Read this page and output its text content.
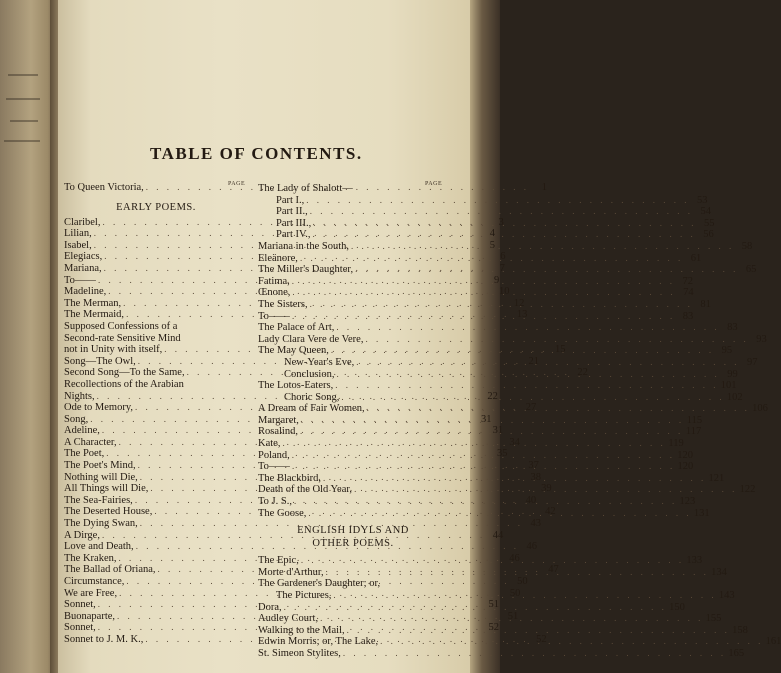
TABLE OF CONTENTS.
PAGE	PAGE
To Queen Victoria, . . .	1
EARLY POEMS.
Claribel, . . .	3
Lilian, . . .	4
Isabel, . . .	5
Elegiacs, . . .	6
Mariana, . . .	7
To—— . . .	9
Madeline, . . .	10
The Merman, . . .	12
The Mermaid, . . .	13
Supposed Confessions of a
Second-rate Sensitive Mind
not in Unity with itself, . . .	15
Song—The Owl, . . .	21
Second Song—To the Same, . . .	22
Recollections of the Arabian
Nights, . . .	22
Ode to Memory, . . .	27
Song, . . .	31
Adeline, . . .	31
A Character, . . .	34
The Poet, . . .	35
The Poet's Mind, . . .	37
Nothing will Die, . . .	38
All Things will Die, . . .	39
The Sea-Fairies, . . .	40
The Deserted House, . . .	42
The Dying Swan, . . .	43
A Dirge, . . .	44
Love and Death, . . .	46
The Kraken, . . .	46
The Ballad of Oriana, . . .	47
Circumstance, . . .	50
We are Free, . . .	50
Sonnet, . . .	51
Buonaparte, . . .	51
Sonnet, . . .	52
Sonnet to J. M. K., . . .	52
The Lady of Shalott—
Part I., . . .	53
Part II., . . .	54
Part III., . . .	55
Part IV., . . .	56
Mariana in the South, . . .	58
Eleänore, . . .	61
The Miller's Daughter, . . .	65
Fatima, . . .	72
Œnone, . . .	74
The Sisters, . . .	81
To—— . . .	83
The Palace of Art, . . .	83
Lady Clara Vere de Vere, . . .	93
The May Queen, . . .	95
New-Year's Eve, . . .	97
Conclusion, . . .	99
The Lotos-Eaters, . . .	101
Choric Song, . . .	102
A Dream of Fair Women, . . .	106
Margaret, . . .	115
Rosalind, . . .	117
Kate, . . .	119
Poland, . . .	120
To—— . . .	120
The Blackbird, . . .	121
Death of the Old Year, . . .	122
To J. S., . . .	123
The Goose, . . .	131
ENGLISH IDYLS AND
OTHER POEMS.
The Epic, . . .	133
Morte d'Arthur, . . .	134
The Gardener's Daughter; or,
The Pictures, . . .	143
Dora, . . .	150
Audley Court, . . .	155
Walking to the Mail, . . .	158
Edwin Morris; or, The Lake, . . .	161
St. Simeon Stylites, . . .	165
